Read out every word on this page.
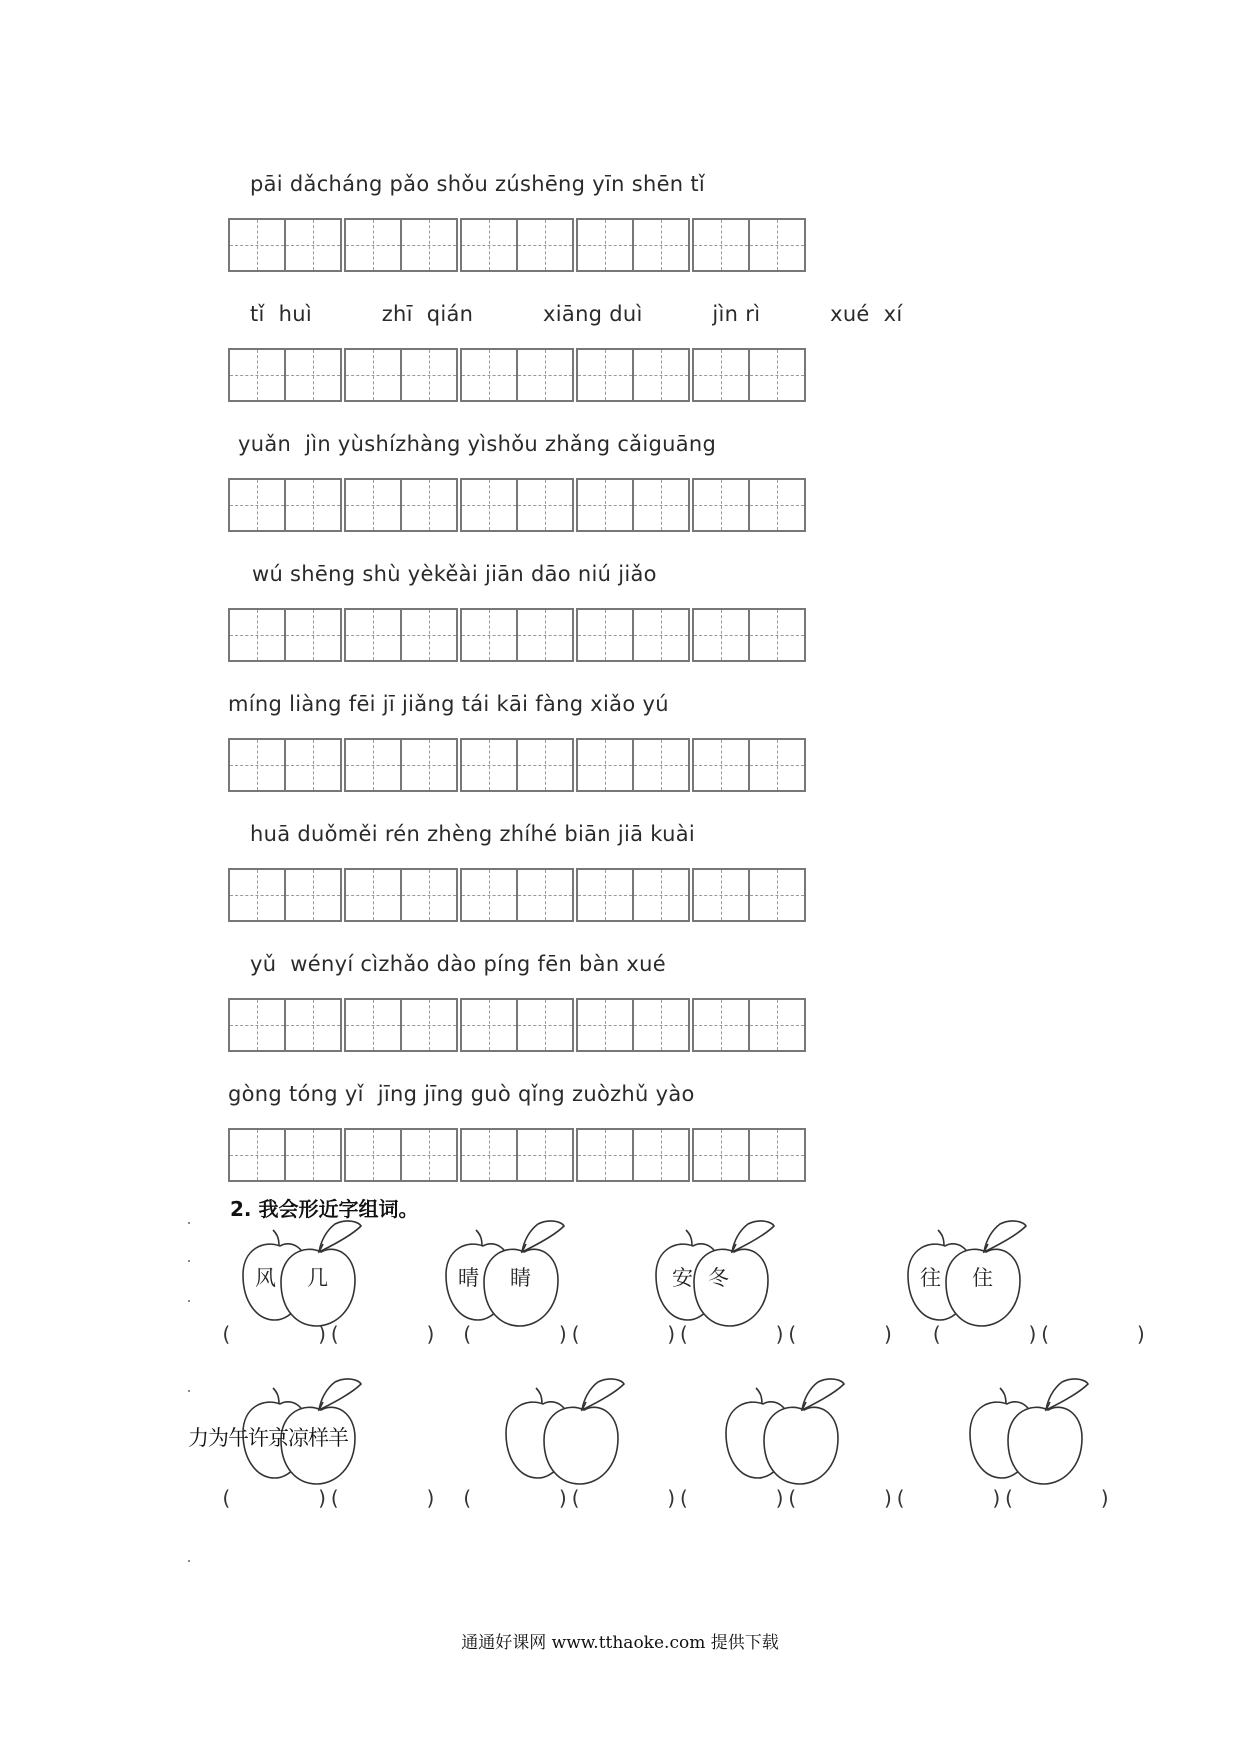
pāi dǎcháng pǎo shǒu zúshēng yīn shēn tǐ
tǐ  huì          zhī  qián          xiāng duì          jìn rì          xué  xí
yuǎn  jìn yùshízhàng yìshǒu zhǎng cǎiguāng
wú shēng shù yèkěài jiān dāo niú jiǎo
míng liàng fēi jī jiǎng tái kāi fàng xiǎo yú
huā duǒměi rén zhèng zhíhé biān jiā kuài
yǔ  wényí cìzhǎo dào píng fēn bàn xué
gòng tóng yǐ  jīng jīng guò qǐng zuòzhǔ yào
2. 我会形近字组词。
风 几	晴 睛	安 冬	往 住
(       )(       )  (       )(       )(       )(       )   (       )(       )
力为午许京凉样羊
(       )(       )  (       )(       )(       )(       )(       )(       )
通通好课网 www.tthaoke.com 提供下载
